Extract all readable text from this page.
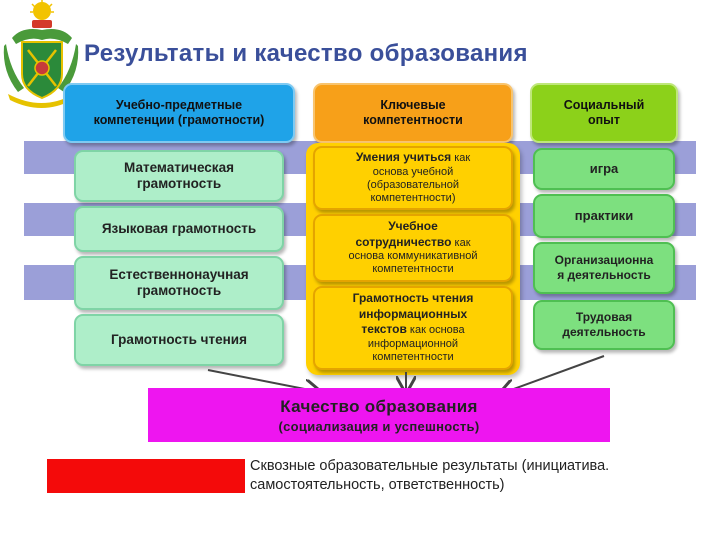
Результаты и качество образования
Учебно-предметные
компетенции (грамотности)
Ключевые
компетентности
Социальный
опыт
Математическая
грамотность
Языковая грамотность
Естественнонаучная
грамотность
Грамотность чтения
Умения учиться как
основа учебной
(образовательной
компетентности)
Учебное
сотрудничество как
основа коммуникативной
компетентности
Грамотность чтения
информационных
текстов как основа
информационной
компетентности
игра
практики
Организационна
я деятельность
Трудовая
деятельность
Качество образования
(социализация и успешность)
Сквозные образовательные результаты (инициатива.
самостоятельность, ответственность)
